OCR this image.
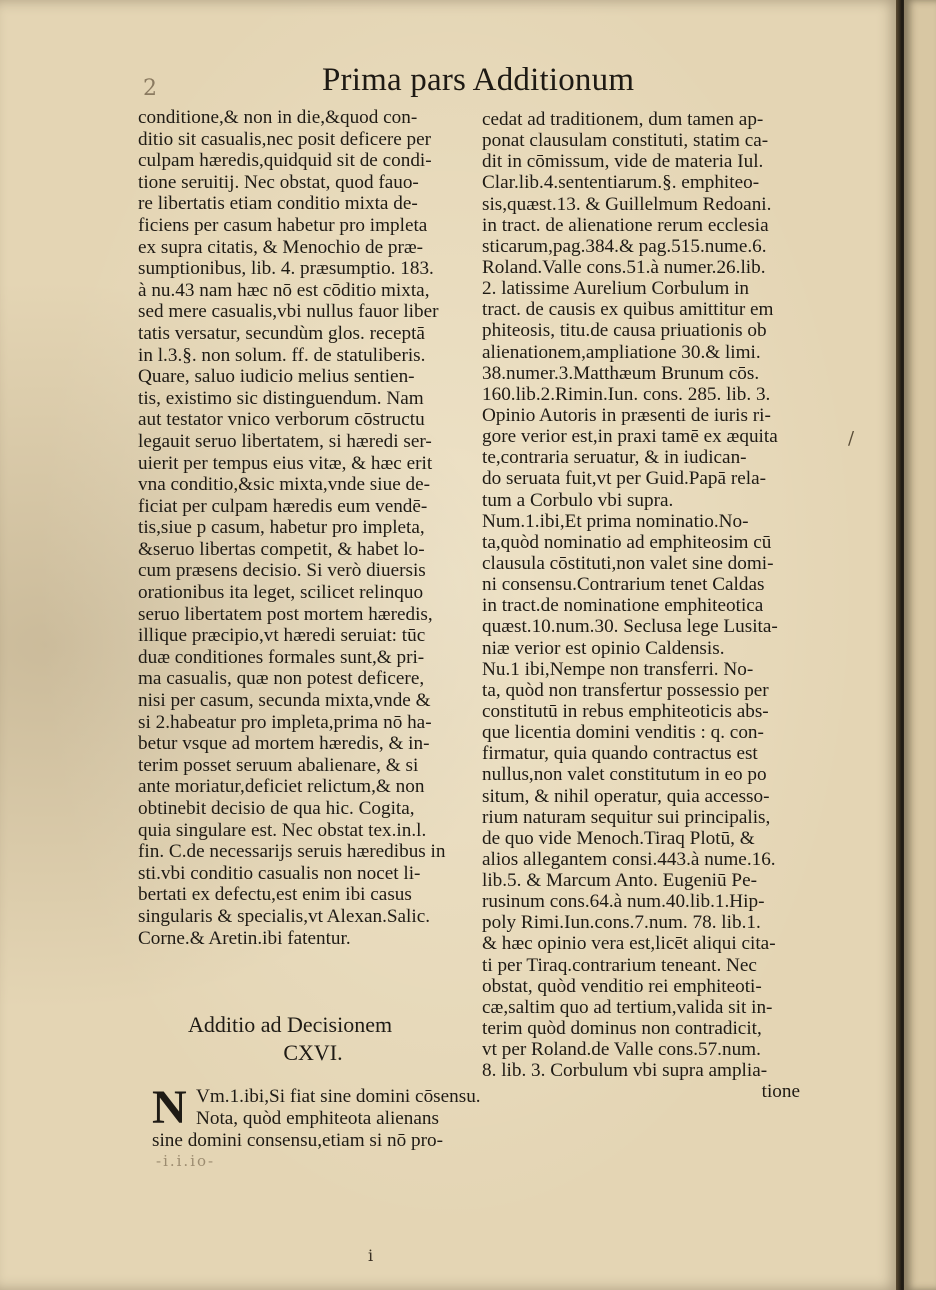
2	Prima pars Additionum
conditione,& non in die,&quod con-
ditio sit casualis,nec posit deficere per
culpam hæredis,quidquid sit de condi-
tione seruitij. Nec obstat, quod fauo-
re libertatis etiam conditio mixta de-
ficiens per casum habetur pro impleta
ex supra citatis, & Menochio de præ-
sumptionibus, lib. 4. præsumptio. 183.
à nu.43 nam hæc nō est cōditio mixta,
sed mere casualis,vbi nullus fauor liber
tatis versatur, secundùm glos. receptā
in l.3.§. non solum. ff. de statuliberis.
Quare, saluo iudicio melius sentien-
tis, existimo sic distinguendum. Nam
aut testator vnico verborum cōstructu
legauit seruo libertatem, si hæredi ser-
uierit per tempus eius vitæ, & hæc erit
vna conditio,&sic mixta,vnde siue de-
ficiat per culpam hæredis eum vendē-
tis,siue p casum, habetur pro impleta,
&seruo libertas competit, & habet lo-
cum præsens decisio. Si verò diuersis
orationibus ita leget, scilicet relinquo
seruo libertatem post mortem hæredis,
illique præcipio,vt hæredi seruiat: tūc
duæ conditiones formales sunt,& pri-
ma casualis, quæ non potest deficere,
nisi per casum, secunda mixta,vnde &
si 2.habeatur pro impleta,prima nō ha-
betur vsque ad mortem hæredis, & in-
terim posset seruum abalienare, & si
ante moriatur,deficiet relictum,& non
obtinebit decisio de qua hic. Cogita,
quia singulare est. Nec obstat tex.in.l.
fin. C.de necessarijs seruis hæredibus in
sti.vbi conditio casualis non nocet li-
bertati ex defectu,est enim ibi casus
singularis & specialis,vt Alexan.Salic.
Corne.& Aretin.ibi fatentur.
Additio ad Decisionem
CXVI.
N Vm.1.ibi,Si fiat sine domini cōsensu.
Nota, quòd emphiteota alienans
sine domini consensu,etiam si nō pro-
-i.i.io-
cedat ad traditionem, dum tamen ap-
ponat clausulam constituti, statim ca-
dit in cōmissum, vide de materia Iul.
Clar.lib.4.sententiarum.§. emphiteo-
sis,quæst.13. & Guillelmum Redoani.
in tract. de alienatione rerum ecclesia
sticarum,pag.384.& pag.515.nume.6.
Roland.Valle cons.51.à numer.26.lib.
2. latissime Aurelium Corbulum in
tract. de causis ex quibus amittitur em
phiteosis, titu.de causa priuationis ob
alienationem,ampliatione 30.& limi.
38.numer.3.Matthæum Brunum cōs.
160.lib.2.Rimin.Iun. cons. 285. lib. 3.
Opinio Autoris in præsenti de iuris ri-
gore verior est,in praxi tamē ex æquita
te,contraria seruatur, & in iudican-
do seruata fuit,vt per Guid.Papā rela-
tum a Corbulo vbi supra.
Num.1.ibi,Et prima nominatio.No-
ta,quòd nominatio ad emphiteosim cū
clausula cōstituti,non valet sine domi-
ni consensu.Contrarium tenet Caldas
in tract.de nominatione emphiteotica
quæst.10.num.30. Seclusa lege Lusita-
niæ verior est opinio Caldensis.
Nu.1 ibi,Nempe non transferri. No-
ta, quòd non transfertur possessio per
constitutū in rebus emphiteoticis abs-
que licentia domini venditis : q. con-
firmatur, quia quando contractus est
nullus,non valet constitutum in eo po
situm, & nihil operatur, quia accesso-
rium naturam sequitur sui principalis,
de quo vide Menoch.Tiraq Plotū, &
alios allegantem consi.443.à nume.16.
lib.5. & Marcum Anto. Eugeniū Pe-
rusinum cons.64.à num.40.lib.1.Hip-
poly Rimi.Iun.cons.7.num. 78. lib.1.
& hæc opinio vera est,licēt aliqui cita-
ti per Tiraq.contrarium teneant. Nec
obstat, quòd venditio rei emphiteoti-
cæ,saltim quo ad tertium,valida sit in-
terim quòd dominus non contradicit,
vt per Roland.de Valle cons.57.num.
8. lib. 3. Corbulum vbi supra amplia-
tione
/
i
